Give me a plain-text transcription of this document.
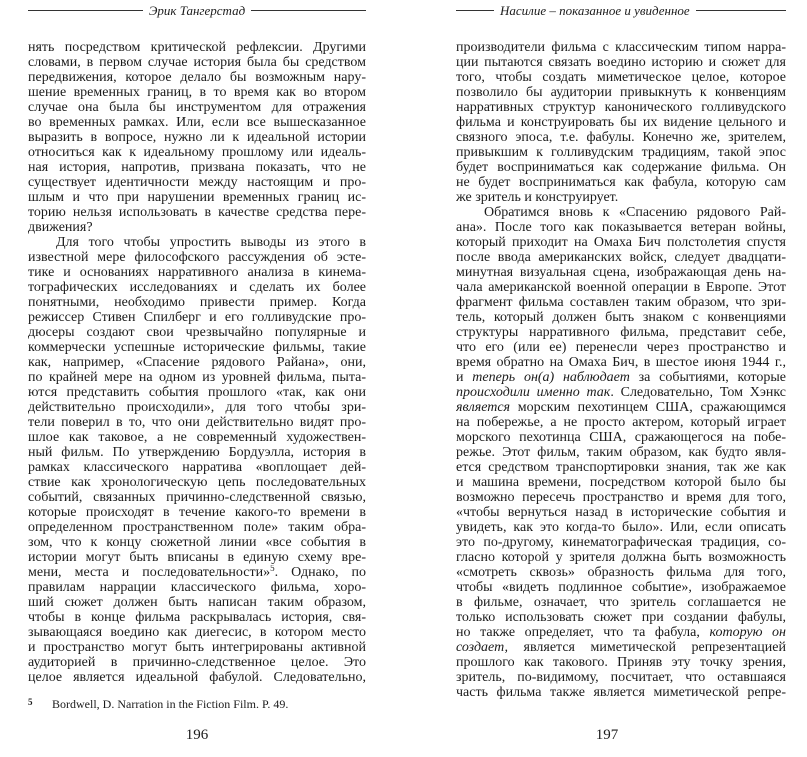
Эрик Тангерстад
нять посредством критической рефлексии. Другими
словами, в первом случае история была бы средством
передвижения, которое делало бы возможным нару-
шение временных границ, в то время как во втором
случае она была бы инструментом для отражения
во временных рамках. Или, если все вышесказанное
выразить в вопросе, нужно ли к идеальной истории
относиться как к идеальному прошлому или идеаль-
ная история, напротив, призвана показать, что не
существует идентичности между настоящим и про-
шлым и что при нарушении временных границ ис-
торию нельзя использовать в качестве средства пере-
движения?
Для того чтобы упростить выводы из этого в
известной мере философского рассуждения об эсте-
тике и основаниях нарративного анализа в кинема-
тографических исследованиях и сделать их более
понятными, необходимо привести пример. Когда
режиссер Стивен Спилберг и его голливудские про-
дюсеры создают свои чрезвычайно популярные и
коммерчески успешные исторические фильмы, такие
как, например, «Спасение рядового Райана», они,
по крайней мере на одном из уровней фильма, пыта-
ются представить события прошлого «так, как они
действительно происходили», для того чтобы зри-
тели поверил в то, что они действительно видят про-
шлое как таковое, а не современный художествен-
ный фильм. По утверждению Бордуэлла, история в
рамках классического нарратива «воплощает дей-
ствие как хронологическую цепь последовательных
событий, связанных причинно-следственной связью,
которые происходят в течение какого-то времени в
определенном пространственном поле» таким обра-
зом, что к концу сюжетной линии «все события в
истории могут быть вписаны в единую схему вре-
мени, места и последовательности»$^5$. Однако, по
правилам наррации классического фильма, хоро-
ший сюжет должен быть написан таким образом,
чтобы в конце фильма раскрывалась история, свя-
зывающаяся воедино как диегесис, в котором место
и пространство могут быть интегрированы активной
аудиторией в причинно-следственное целое. Это
целое является идеальной фабулой. Следовательно,
5	Bordwell, D. Narration in the Fiction Film. P. 49.
196
Насилие – показанное и увиденное
производители фильма с классическим типом нарра-
ции пытаются связать воедино историю и сюжет для
того, чтобы создать миметическое целое, которое
позволило бы аудитории привыкнуть к конвенциям
нарративных структур канонического голливудского
фильма и конструировать бы их видение цельного и
связного эпоса, т.е. фабулы. Конечно же, зрителем,
привыкшим к голливудским традициям, такой эпос
будет восприниматься как содержание фильма. Он
не будет восприниматься как фабула, которую сам
же зритель и конструирует.
Обратимся вновь к «Спасению рядового Рай-
ана». После того как показывается ветеран войны,
который приходит на Омаха Бич полстолетия спустя
после ввода американских войск, следует двадцати-
минутная визуальная сцена, изображающая день на-
чала американской военной операции в Европе. Этот
фрагмент фильма составлен таким образом, что зри-
тель, который должен быть знаком с конвенциями
структуры нарративного фильма, представит себе,
что его (или ее) перенесли через пространство и
время обратно на Омаха Бич, в шестое июня 1944 г.,
и теперь он(а) наблюдает за событиями, которые
происходили именно так. Следовательно, Том Хэнкс
является морским пехотинцем США, сражающимся
на побережье, а не просто актером, который играет
морского пехотинца США, сражающегося на побе-
режье. Этот фильм, таким образом, как будто явля-
ется средством транспортировки знания, так же как
и машина времени, посредством которой было бы
возможно пересечь пространство и время для того,
«чтобы вернуться назад в исторические события и
увидеть, как это когда-то было». Или, если описать
это по-другому, кинематографическая традиция, со-
гласно которой у зрителя должна быть возможность
«смотреть сквозь» образность фильма для того,
чтобы «видеть подлинное событие», изображаемое
в фильме, означает, что зритель соглашается не
только использовать сюжет при создании фабулы,
но также определяет, что та фабула, которую он
создает, является миметической репрезентацией
прошлого как такового. Приняв эту точку зрения,
зритель, по-видимому, посчитает, что оставшаяся
часть фильма также является миметической репре-
197
